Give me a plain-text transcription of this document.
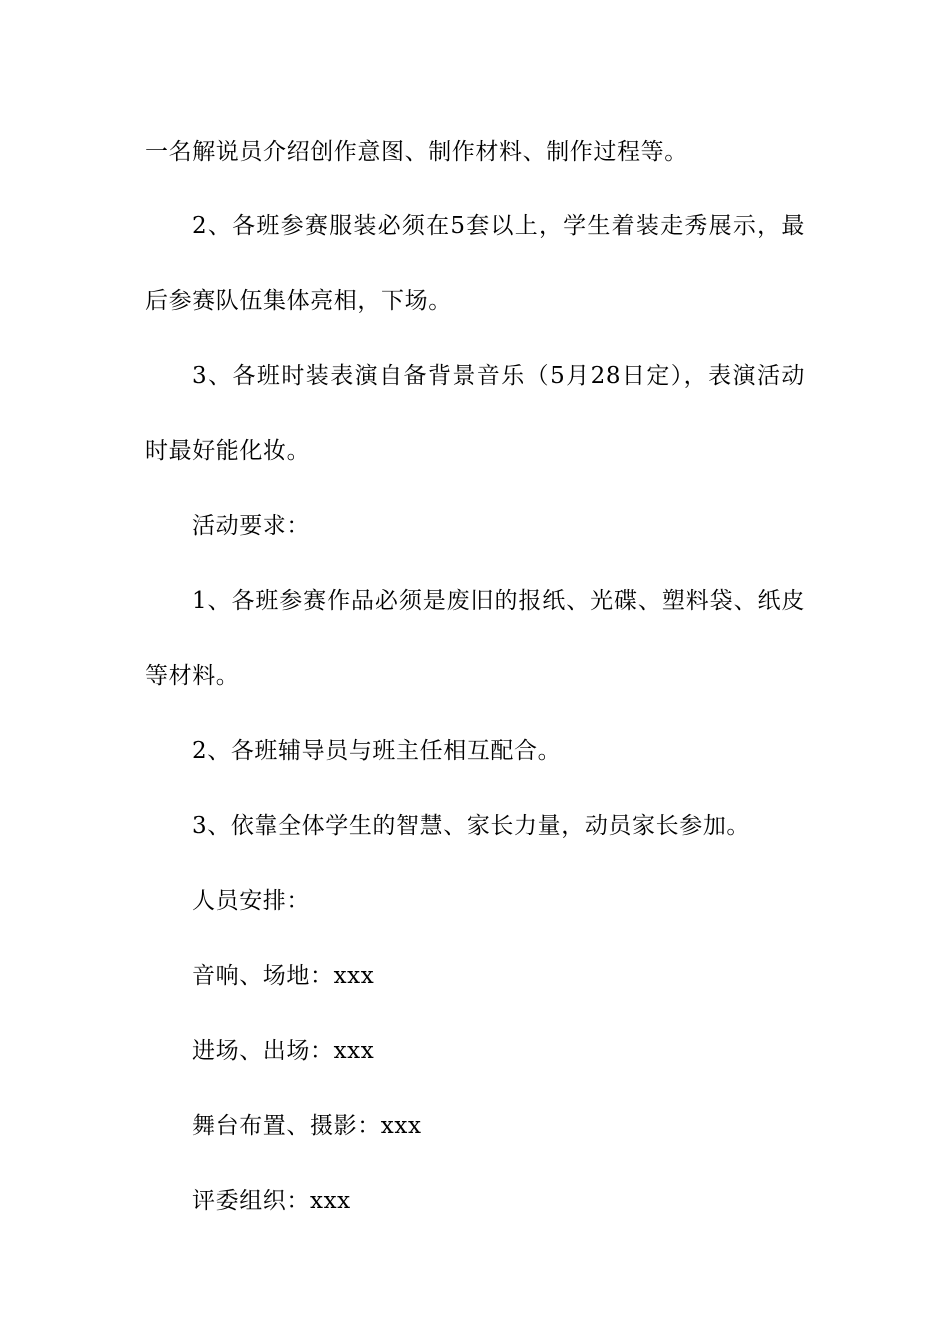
一名解说员介绍创作意图、制作材料、制作过程等。
2、各班参赛服装必须在5套以上，学生着装走秀展示，最
后参赛队伍集体亮相，下场。
3、各班时装表演自备背景音乐（5月28日定），表演活动
时最好能化妆。
活动要求：
1、各班参赛作品必须是废旧的报纸、光碟、塑料袋、纸皮
等材料。
2、各班辅导员与班主任相互配合。
3、依靠全体学生的智慧、家长力量，动员家长参加。
人员安排：
音响、场地：xxx
进场、出场：xxx
舞台布置、摄影：xxx
评委组织：xxx
